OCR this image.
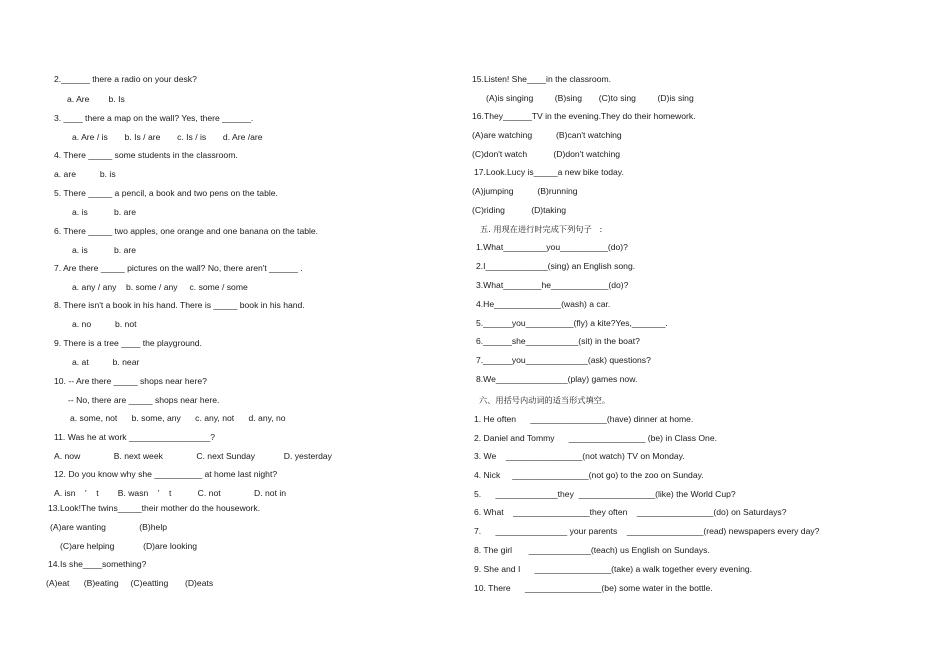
2.______ there a radio on your desk?
a. Are        b. Is
3. ____ there a map on the wall? Yes, there ______.
a. Are / is       b. Is / are       c. Is / is       d. Are /are
4. There _____ some students in the classroom.
a. are          b. is
5. There _____ a pencil, a book and two pens on the table.
a. is           b. are
6. There _____ two apples, one orange and one banana on the table.
a. is           b. are
7. Are there _____ pictures on the wall? No, there aren't ______ .
a. any / any    b. some / any     c. some / some
8. There isn't a book in his hand. There is _____ book in his hand.
a. no          b. not
9. There is a tree ____ the playground.
a. at          b. near
10. -- Are there _____ shops near here?
-- No, there are _____ shops near here.
a. some, not      b. some, any      c. any, not      d. any, no
11. Was he at work _________________?
A. now              B. next week              C. next Sunday            D. yesterday
12. Do you know why she __________ at home last night?
A. isn    '    t        B. wasn    '    t           C. not              D. not in
13.Look!The twins_____their mother do the housework.
(A)are wanting              (B)help
(C)are helping            (D)are looking
14.Is she____something?
(A)eat      (B)eating     (C)eatting       (D)eats
15.Listen! She____in the classroom.
(A)is singing         (B)sing       (C)to sing         (D)is sing
16.They______TV in the evening.They do their homework.
(A)are watching          (B)can't watching
(C)don't watch           (D)don't watching
17.Look.Lucy is_____a new bike today.
(A)jumping          (B)running
(C)riding           (D)taking
五. 用现在进行时完成下列句子   :
1.What_________you__________(do)?
2.I_____________(sing) an English song.
3.What________he____________(do)?
4.He______________(wash) a car.
5.______you__________(fly) a kite?Yes,_______.
6.______she___________(sit) in the boat?
7.______you_____________(ask) questions?
8.We_______________(play) games now.
六、用括号内动词的适当形式填空。
1. He often      ________________(have) dinner at home.
2. Daniel and Tommy      ________________ (be) in Class One.
3. We    ________________(not watch) TV on Monday.
4. Nick     ________________(not go) to the zoo on Sunday.
5.      _____________they  ________________(like) the World Cup?
6. What    ________________they often    ________________(do) on Saturdays?
7.      _______________ your parents    ________________(read) newspapers every day?
8. The girl       _____________(teach) us English on Sundays.
9. She and I      ________________(take) a walk together every evening.
10. There      ________________(be) some water in the bottle.
